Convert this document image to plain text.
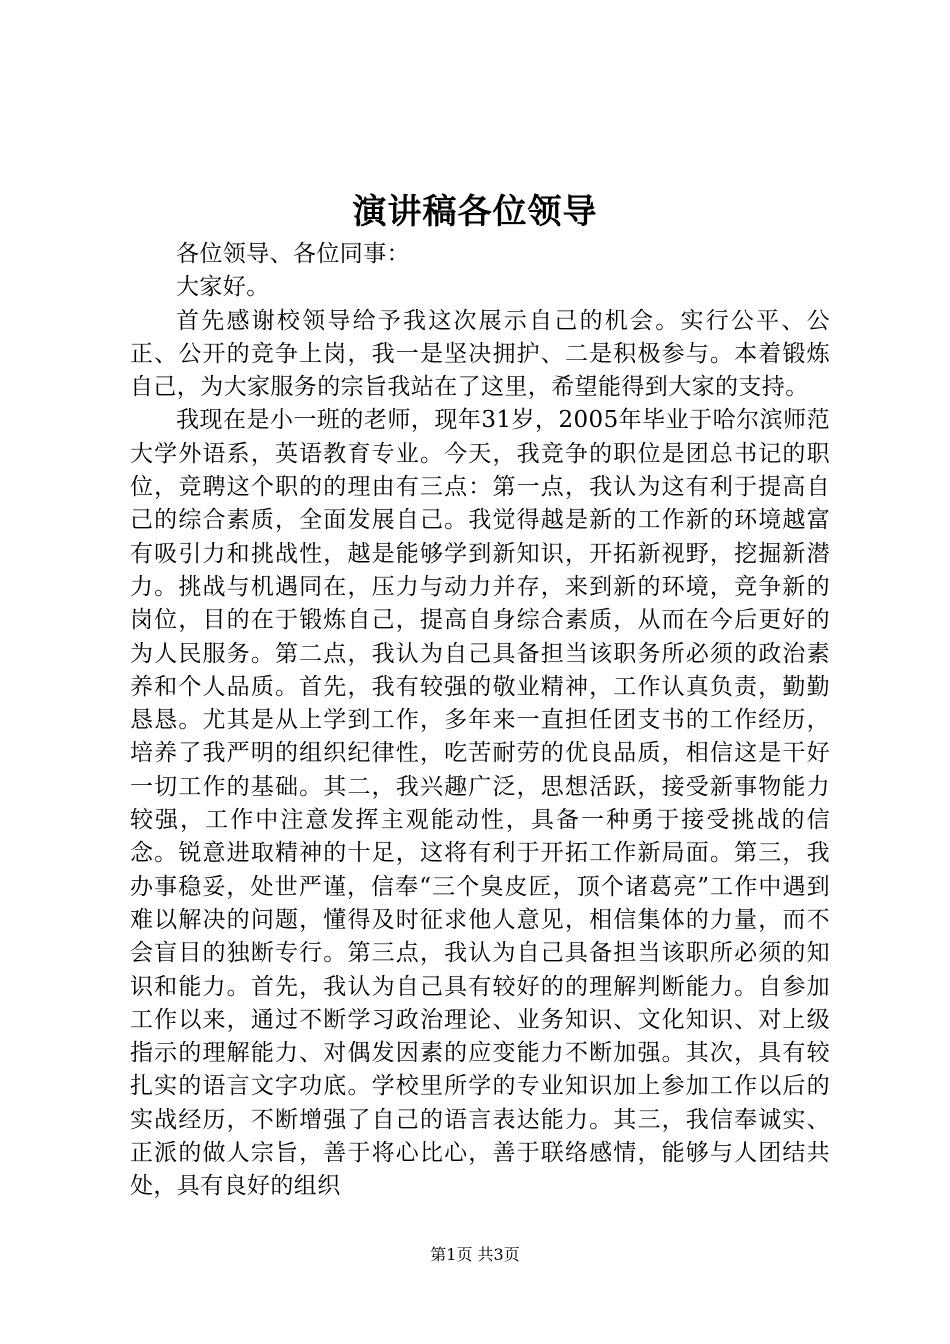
演讲稿各位领导

各位领导、各位同事：

大家好。

首先感谢校领导给予我这次展示自己的机会。实行公平、公正、公开的竞争上岗，我一是坚决拥护、二是积极参与。本着锻炼自己，为大家服务的宗旨我站在了这里，希望能得到大家的支持。

我现在是小一班的老师，现年31岁，2005年毕业于哈尔滨师范大学外语系，英语教育专业。今天，我竞争的职位是团总书记的职位，竞聘这个职的的理由有三点：第一点，我认为这有利于提高自己的综合素质，全面发展自己。我觉得越是新的工作新的环境越富有吸引力和挑战性，越是能够学到新知识，开拓新视野，挖掘新潜力。挑战与机遇同在，压力与动力并存，来到新的环境，竞争新的岗位，目的在于锻炼自己，提高自身综合素质，从而在今后更好的为人民服务。第二点，我认为自己具备担当该职务所必须的政治素养和个人品质。首先，我有较强的敬业精神，工作认真负责，勤勤恳恳。尤其是从上学到工作，多年来一直担任团支书的工作经历，培养了我严明的组织纪律性，吃苦耐劳的优良品质，相信这是干好一切工作的基础。其二，我兴趣广泛，思想活跃，接受新事物能力较强，工作中注意发挥主观能动性，具备一种勇于接受挑战的信念。锐意进取精神的十足，这将有利于开拓工作新局面。第三，我办事稳妥，处世严谨，信奉“三个臭皮匠，顶个诸葛亮”工作中遇到难以解决的问题，懂得及时征求他人意见，相信集体的力量，而不会盲目的独断专行。第三点，我认为自己具备担当该职所必须的知识和能力。首先，我认为自己具有较好的的理解判断能力。自参加工作以来，通过不断学习政治理论、业务知识、文化知识、对上级指示的理解能力、对偶发因素的应变能力不断加强。其次，具有较扎实的语言文字功底。学校里所学的专业知识加上参加工作以后的实战经历，不断增强了自己的语言表达能力。其三，我信奉诚实、正派的做人宗旨，善于将心比心，善于联络感情，能够与人团结共处，具有良好的组织

第1页 共3页
